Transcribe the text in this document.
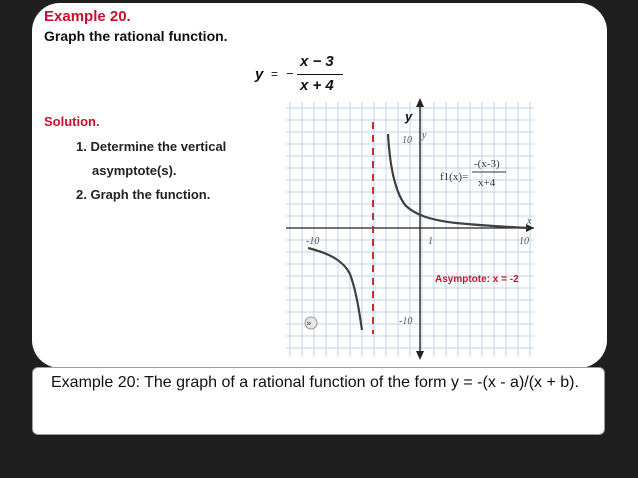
Example 20.
Graph the rational function.
y = −
x − 3
x + 4
Solution.
1. Determine the vertical
asymptote(s).
2. Graph the function.
y
10 y
-10
-10	1	10
x
f1(x)=
-(x-3)
x+4
Asymptote: x = -2
»
Example 20: The graph of a rational function of the form y = -(x - a)/(x + b).
